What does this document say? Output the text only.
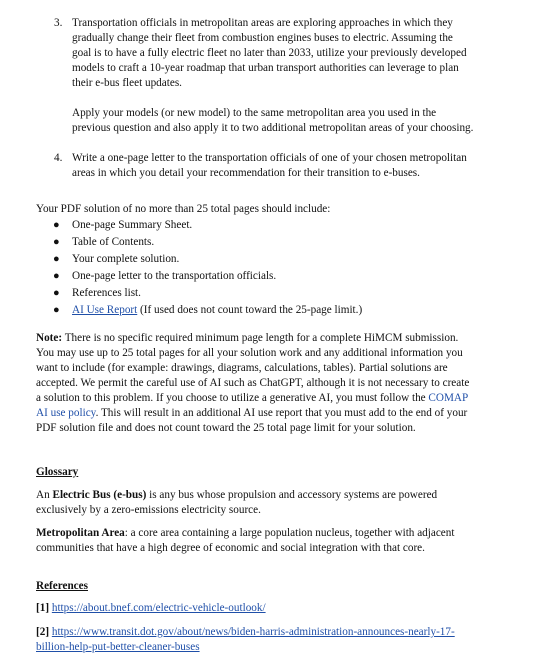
3. Transportation officials in metropolitan areas are exploring approaches in which they
gradually change their fleet from combustion engines buses to electric. Assuming the
goal is to have a fully electric fleet no later than 2033, utilize your previously developed
models to craft a 10-year roadmap that urban transport authorities can leverage to plan
their e-bus fleet updates.
Apply your models (or new model) to the same metropolitan area you used in the
previous question and also apply it to two additional metropolitan areas of your choosing.
4. Write a one-page letter to the transportation officials of one of your chosen metropolitan
areas in which you detail your recommendation for their transition to e-buses.
Your PDF solution of no more than 25 total pages should include:
● One-page Summary Sheet.
● Table of Contents.
● Your complete solution.
● One-page letter to the transportation officials.
● References list.
● AI Use Report (If used does not count toward the 25-page limit.)
Note: There is no specific required minimum page length for a complete HiMCM submission.
You may use up to 25 total pages for all your solution work and any additional information you
want to include (for example: drawings, diagrams, calculations, tables). Partial solutions are
accepted. We permit the careful use of AI such as ChatGPT, although it is not necessary to create
a solution to this problem. If you choose to utilize a generative AI, you must follow the COMAP
AI use policy. This will result in an additional AI use report that you must add to the end of your
PDF solution file and does not count toward the 25 total page limit for your solution.
Glossary
An Electric Bus (e-bus) is any bus whose propulsion and accessory systems are powered
exclusively by a zero-emissions electricity source.
Metropolitan Area: a core area containing a large population nucleus, together with adjacent
communities that have a high degree of economic and social integration with that core.
References
[1] https://about.bnef.com/electric-vehicle-outlook/
[2] https://www.transit.dot.gov/about/news/biden-harris-administration-announces-nearly-17-
billion-help-put-better-cleaner-buses
